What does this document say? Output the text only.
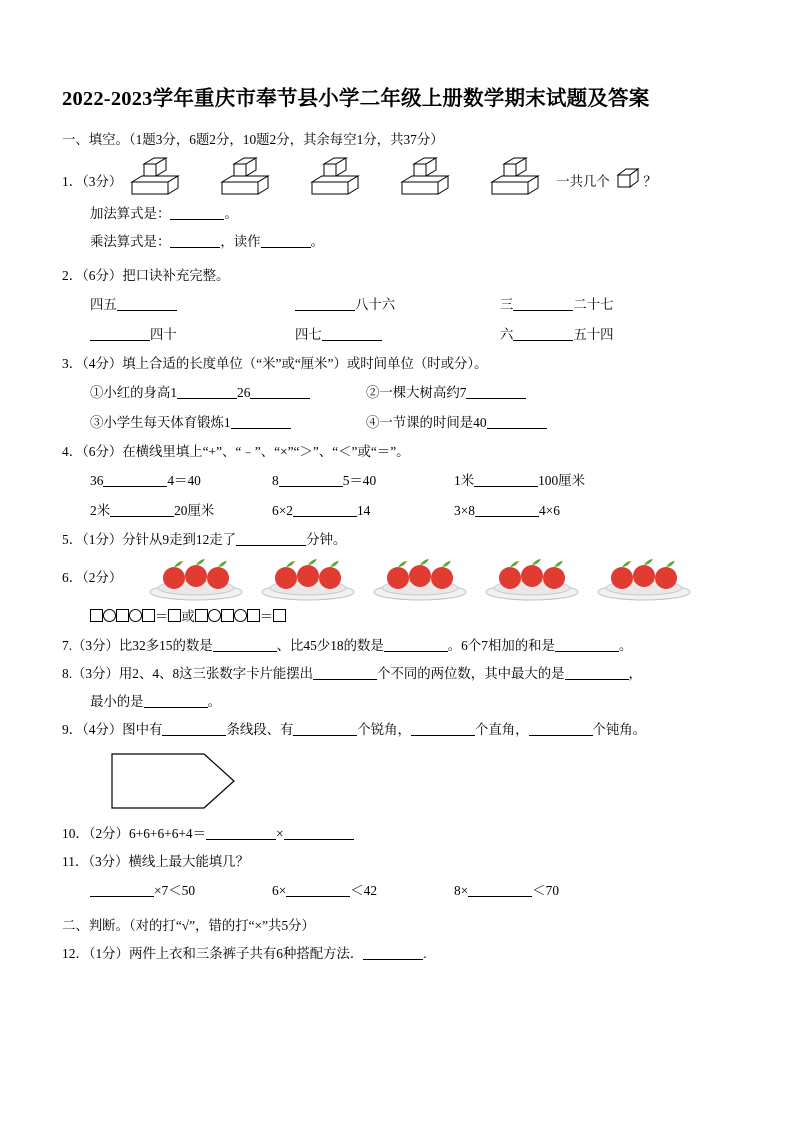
2022-2023学年重庆市奉节县小学二年级上册数学期末试题及答案
一、填空。（1题3分，6题2分，10题2分，其余每空1分，共37分）
1．（3分）	一共几个 ？
加法算式是：	。
乘法算式是：	，读作	。
2．（6分）把口诀补充完整。
四五	八十六	三	二十七
四十	四七	六	五十四
3．（4分）填上合适的长度单位（“米”或“厘米”）或时间单位（时或分）。
①小红的身高1	26	②一棵大树高约7
③小学生每天体育锻炼1	④一节课的时间是40
4．（6分）在横线里填上“+”、“﹣”、“×”“＞”、“＜”或“＝”。
36	4＝40	8	5＝40	1米	100厘米
2米	20厘米	6×2	14	3×8	4×6
5．（1分）分针从9走到12走了	分钟。
6．（2分）
＝ 或	＝
7.（3分）比32多15的数是	、比45少18的数是	。6个7相加的和是	。
8.（3分）用2、4、8这三张数字卡片能摆出	个不同的两位数，其中最大的是	，
最小的是	。
9．（4分）图中有	条线段、有	个锐角，	个直角，	个钝角。
10．（2分）6+6+6+6+4＝	×
11．（3分）横线上最大能填几？
×7＜50	6×	＜42	8×	＜70
二、判断。（对的打“√”，错的打“×”共5分）
12．（1分）两件上衣和三条裤子共有6种搭配方法．	.
